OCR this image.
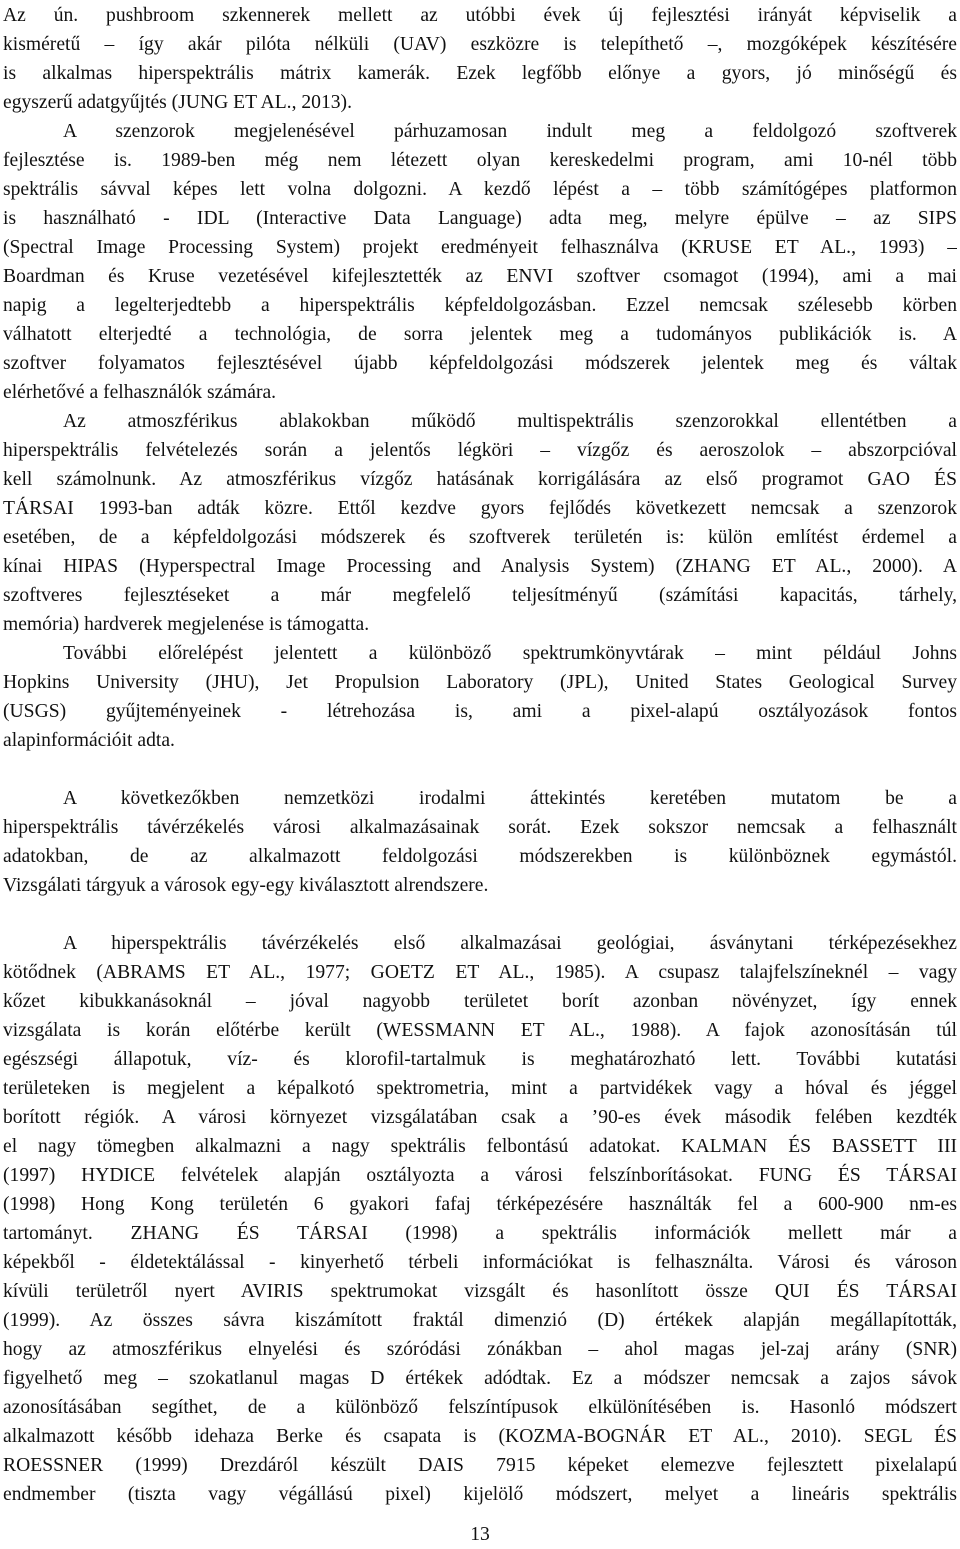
Az ún. pushbroom szkennerek mellett az utóbbi évek új fejlesztési irányát képviselik a
kisméretű – így akár pilóta nélküli (UAV) eszközre is telepíthető –, mozgóképek készítésére
is alkalmas hiperspektrális mátrix kamerák. Ezek legfőbb előnye a gyors, jó minőségű és
egyszerű adatgyűjtés (JUNG ET AL., 2013).
A szenzorok megjelenésével párhuzamosan indult meg a feldolgozó szoftverek
fejlesztése is. 1989-ben még nem létezett olyan kereskedelmi program, ami 10-nél több
spektrális sávval képes lett volna dolgozni. A kezdő lépést a – több számítógépes platformon
is használható - IDL (Interactive Data Language) adta meg, melyre épülve – az SIPS
(Spectral Image Processing System) projekt eredményeit felhasználva (KRUSE ET AL., 1993) –
Boardman és Kruse vezetésével kifejlesztették az ENVI szoftver csomagot (1994), ami a mai
napig a legelterjedtebb a hiperspektrális képfeldolgozásban. Ezzel nemcsak szélesebb körben
válhatott elterjedté a technológia, de sorra jelentek meg a tudományos publikációk is. A
szoftver folyamatos fejlesztésével újabb képfeldolgozási módszerek jelentek meg és váltak
elérhetővé a felhasználók számára.
Az atmoszférikus ablakokban működő multispektrális szenzorokkal ellentétben a
hiperspektrális felvételezés során a jelentős légköri – vízgőz és aeroszolok – abszorpcióval
kell számolnunk. Az atmoszférikus vízgőz hatásának korrigálására az első programot GAO ÉS
TÁRSAI 1993-ban adták közre. Ettől kezdve gyors fejlődés következett nemcsak a szenzorok
esetében, de a képfeldolgozási módszerek és szoftverek területén is: külön említést érdemel a
kínai HIPAS (Hyperspectral Image Processing and Analysis System) (ZHANG ET AL., 2000). A
szoftveres fejlesztéseket a már megfelelő teljesítményű (számítási kapacitás, tárhely,
memória) hardverek megjelenése is támogatta.
További előrelépést jelentett a különböző spektrumkönyvtárak – mint például Johns
Hopkins University (JHU), Jet Propulsion Laboratory (JPL), United States Geological Survey
(USGS) gyűjteményeinek - létrehozása is, ami a pixel-alapú osztályozások fontos
alapinformációit adta.
A következőkben nemzetközi irodalmi áttekintés keretében mutatom be a
hiperspektrális távérzékelés városi alkalmazásainak sorát. Ezek sokszor nemcsak a felhasznált
adatokban, de az alkalmazott feldolgozási módszerekben is különböznek egymástól.
Vizsgálati tárgyuk a városok egy-egy kiválasztott alrendszere.
A hiperspektrális távérzékelés első alkalmazásai geológiai, ásványtani térképezésekhez
kötődnek (ABRAMS ET AL., 1977; GOETZ ET AL., 1985). A csupasz talajfelszíneknél – vagy
kőzet kibukkanásoknál – jóval nagyobb területet borít azonban növényzet, így ennek
vizsgálata is korán előtérbe került (WESSMANN ET AL., 1988). A fajok azonosításán túl
egészségi állapotuk, víz- és klorofil-tartalmuk is meghatározható lett. További kutatási
területeken is megjelent a képalkotó spektrometria, mint a partvidékek vagy a hóval és jéggel
borított régiók. A városi környezet vizsgálatában csak a ’90-es évek második felében kezdték
el nagy tömegben alkalmazni a nagy spektrális felbontású adatokat. KALMAN ÉS BASSETT III
(1997) HYDICE felvételek alapján osztályozta a városi felszínborításokat. FUNG ÉS TÁRSAI
(1998) Hong Kong területén 6 gyakori fafaj térképezésére használták fel a 600-900 nm-es
tartományt. ZHANG ÉS TÁRSAI (1998) a spektrális információk mellett már a
képekből - éldetektálással - kinyerhető térbeli információkat is felhasználta. Városi és városon
kívüli területről nyert AVIRIS spektrumokat vizsgált és hasonlított össze QUI ÉS TÁRSAI
(1999). Az összes sávra kiszámított fraktál dimenzió (D) értékek alapján megállapították,
hogy az atmoszférikus elnyelési és szóródási zónákban – ahol magas jel-zaj arány (SNR)
figyelhető meg – szokatlanul magas D értékek adódtak. Ez a módszer nemcsak a zajos sávok
azonosításában segíthet, de a különböző felszíntípusok elkülönítésében is. Hasonló módszert
alkalmazott később idehaza Berke és csapata is (KOZMA-BOGNÁR ET AL., 2010). SEGL ÉS
ROESSNER (1999) Drezdáról készült DAIS 7915 képeket elemezve fejlesztett pixelalapú
endmember (tiszta vagy végállású pixel) kijelölő módszert, melyet a lineáris spektrális
13
